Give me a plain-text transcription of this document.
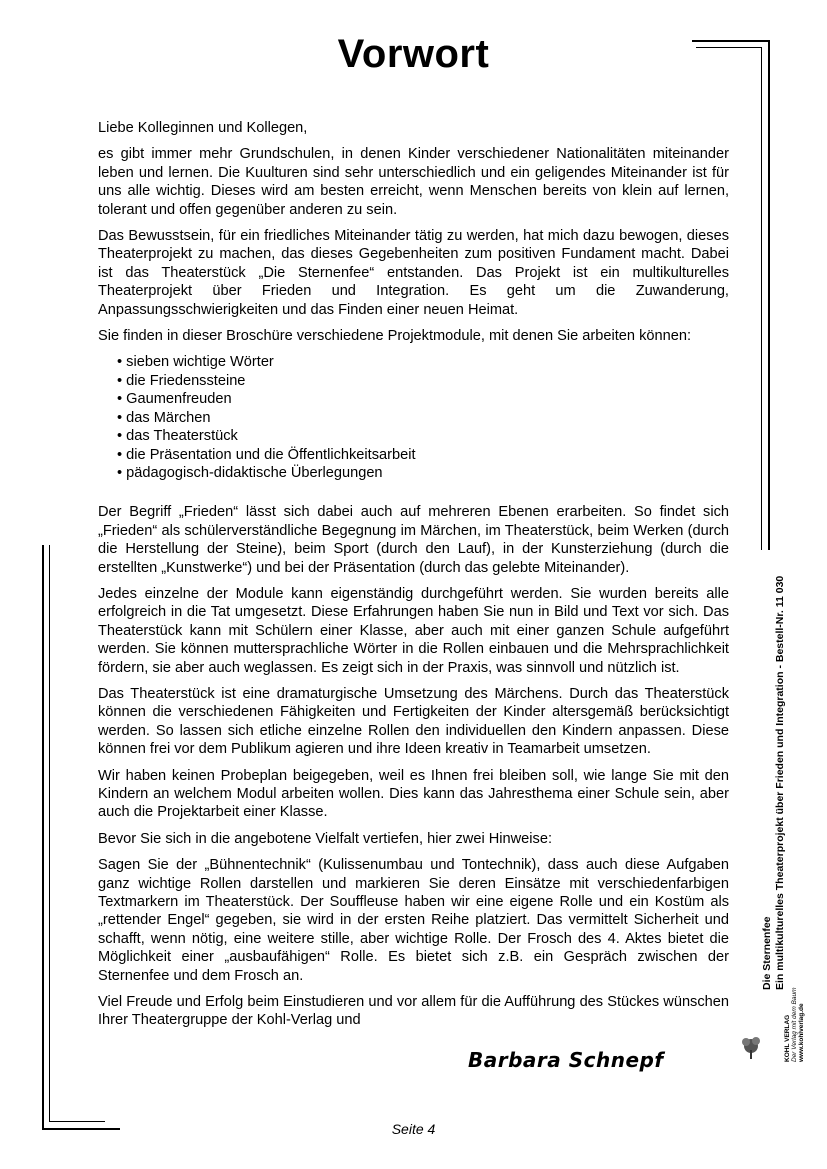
Vorwort

Liebe Kolleginnen und Kollegen,

es gibt immer mehr Grundschulen, in denen Kinder verschiedener Nationalitäten miteinander leben und lernen. Die Kuulturen sind sehr unterschiedlich und ein geligendes Miteinander ist für uns alle wichtig. Dieses wird am besten erreicht, wenn Menschen bereits von klein auf lernen, tolerant und offen gegenüber anderen zu sein.

Das Bewusstsein, für ein friedliches Miteinander tätig zu werden, hat mich dazu bewogen, dieses Theaterprojekt zu machen, das dieses Gegebenheiten zum positiven Fundament macht. Dabei ist das Theaterstück „Die Sternenfee“ entstanden. Das Projekt ist ein multikulturelles Theaterprojekt über Frieden und Integration. Es geht um die Zuwanderung, Anpassungsschwierigkeiten und das Finden einer neuen Heimat.

Sie finden in dieser Broschüre verschiedene Projektmodule, mit denen Sie arbeiten können:

• sieben wichtige Wörter
• die Friedenssteine
• Gaumenfreuden
• das Märchen
• das Theaterstück
• die Präsentation und die Öffentlichkeitsarbeit
• pädagogisch-didaktische Überlegungen

Der Begriff „Frieden“ lässt sich dabei auch auf mehreren Ebenen erarbeiten. So findet sich „Frieden“ als schülerverständliche Begegnung im Märchen, im Theaterstück, beim Werken (durch die Herstellung der Steine), beim Sport (durch den Lauf), in der Kunsterziehung (durch die erstellten „Kunstwerke“) und bei der Präsentation (durch das gelebte Miteinander).

Jedes einzelne der Module kann eigenständig durchgeführt werden. Sie wurden bereits alle erfolgreich in die Tat umgesetzt. Diese Erfahrungen haben Sie nun in Bild und Text vor sich. Das Theaterstück kann mit Schülern einer Klasse, aber auch mit einer ganzen Schule aufgeführt werden. Sie können muttersprachliche Wörter in die Rollen einbauen und die Mehrsprachlichkeit fördern, sie aber auch weglassen. Es zeigt sich in der Praxis, was sinnvoll und nützlich ist.

Das Theaterstück ist eine dramaturgische Umsetzung des Märchens. Durch das Theaterstück können die verschiedenen Fähigkeiten und Fertigkeiten der Kinder altersgemäß berücksichtigt werden. So lassen sich etliche einzelne Rollen den individuellen den Kindern anpassen. Diese können frei vor dem Publikum agieren und ihre Ideen kreativ in Teamarbeit umsetzen.

Wir haben keinen Probeplan beigegeben, weil es Ihnen frei bleiben soll, wie lange Sie mit den Kindern an welchem Modul arbeiten wollen. Dies kann das Jahresthema einer Schule sein, aber auch die Projektarbeit einer Klasse.

Bevor Sie sich in die angebotene Vielfalt vertiefen, hier zwei Hinweise:

Sagen Sie der „Bühnentechnik“ (Kulissenumbau und Tontechnik), dass auch diese Aufgaben ganz wichtige Rollen darstellen und markieren Sie deren Einsätze mit verschiedenfarbigen Textmarkern im Theaterstück. Der Souffleuse haben wir eine eigene Rolle und ein Kostüm als „rettender Engel“ gegeben, sie wird in der ersten Reihe platziert. Das vermittelt Sicherheit und schafft, wenn nötig, eine weitere stille, aber wichtige Rolle. Der Frosch des 4. Aktes bietet die Möglichkeit einer „ausbaufähigen“ Rolle. Es bietet sich z.B. ein Gespräch zwischen der Sternenfee und dem Frosch an.

Viel Freude und Erfolg beim Einstudieren und vor allem für die Aufführung des Stückes wünschen Ihrer Theatergruppe der Kohl-Verlag und

Barbara Schnepf
Die Sternenfee Ein multikulturelles Theaterprojekt über Frieden und Integration - Bestell-Nr. 11 030
KOHL VERLAG Der Verlag mit dem Baum www.kohlverlag.de
Seite 4
